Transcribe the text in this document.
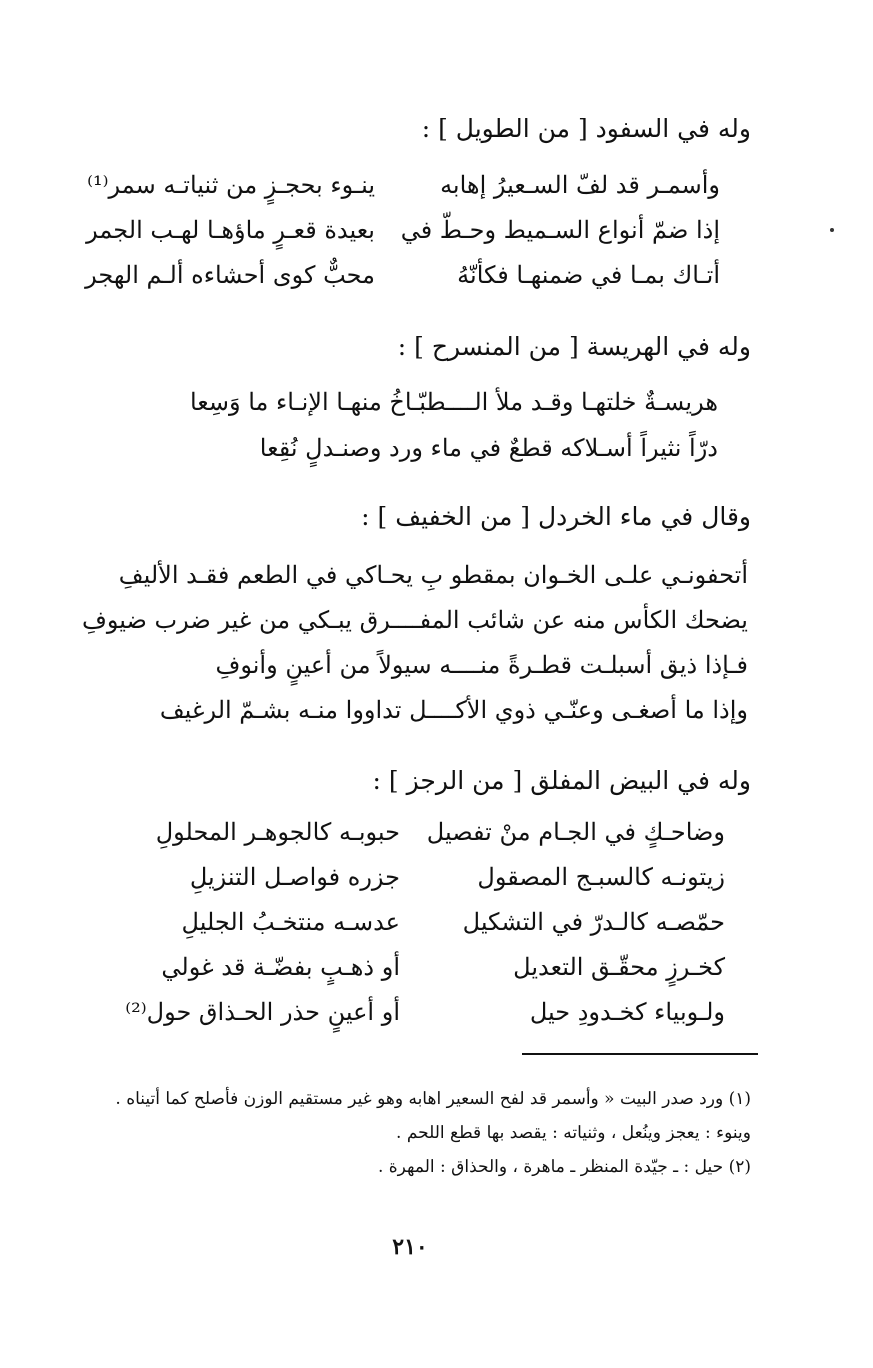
وله في السفود [ من الطويل ] :
وأسمـر قد لفّ السـعيرُ إهابه
ينـوء بحجـزٍ من ثنياتـه سمر⁽¹⁾
إذا ضمّ أنواع السـميط وحـطّ في
بعيدة قعـرٍ ماؤهـا لهـب الجمر
أتـاك بمـا في ضمنهـا فكأنّهُ
محبٌّ كوى أحشاءه ألـم الهجر
وله في الهريسة [ من المنسرح ] :
هريسـةٌ خلتهـا وقـد ملأ الــــطبّـاخُ منهـا الإنـاء ما وَسِعا
درّاً نثيراً أسـلاكه قطعٌ في ماء ورد وصنـدلٍ نُقِعا
وقال في ماء الخردل [ من الخفيف ] :
أتحفونـي علـى الخـوان بمقطو بِ يحـاكي في الطعم فقـد الأليفِ
يضحك الكأس منه عن شائب المفــــرق يبـكي من غير ضرب ضيوفِ
فـإذا ذيق أسبلـت قطـرةً منــــه سيولاً من أعينٍ وأنوفِ
وإذا ما أصغـى وعنّـي ذوي الأكــــل تداووا منـه بشـمّ الرغيف
وله في البيض المفلق [ من الرجز ] :
وضاحـكٍ في الجـام منْ تفصيل
حبوبـه كالجوهـر المحلولِ
زيتونـه كالسبـج المصقول
جزره فواصـل التنزيلِ
حمّصـه كالـدرّ في التشكيل
عدسـه منتخـبُ الجليلِ
كخـرزٍ محقّـق التعديل
أو ذهـبٍ بفضّـة قد غولي
ولـوبياء كخـدودِ حيل
أو أعينٍ حذر الحـذاق حول⁽²⁾
(١) ورد صدر البيت « وأسمر قد لفح السعير اهابه وهو غير مستقيم الوزن فأصلح كما أتيناه .
وينوء : يعجز وينُعل ، وثنياته : يقصد بها قطع اللحم .
(٢) حيل : ـ جيّدة المنظر ـ ماهرة ، والحذاق : المهرة .
٢١٠
